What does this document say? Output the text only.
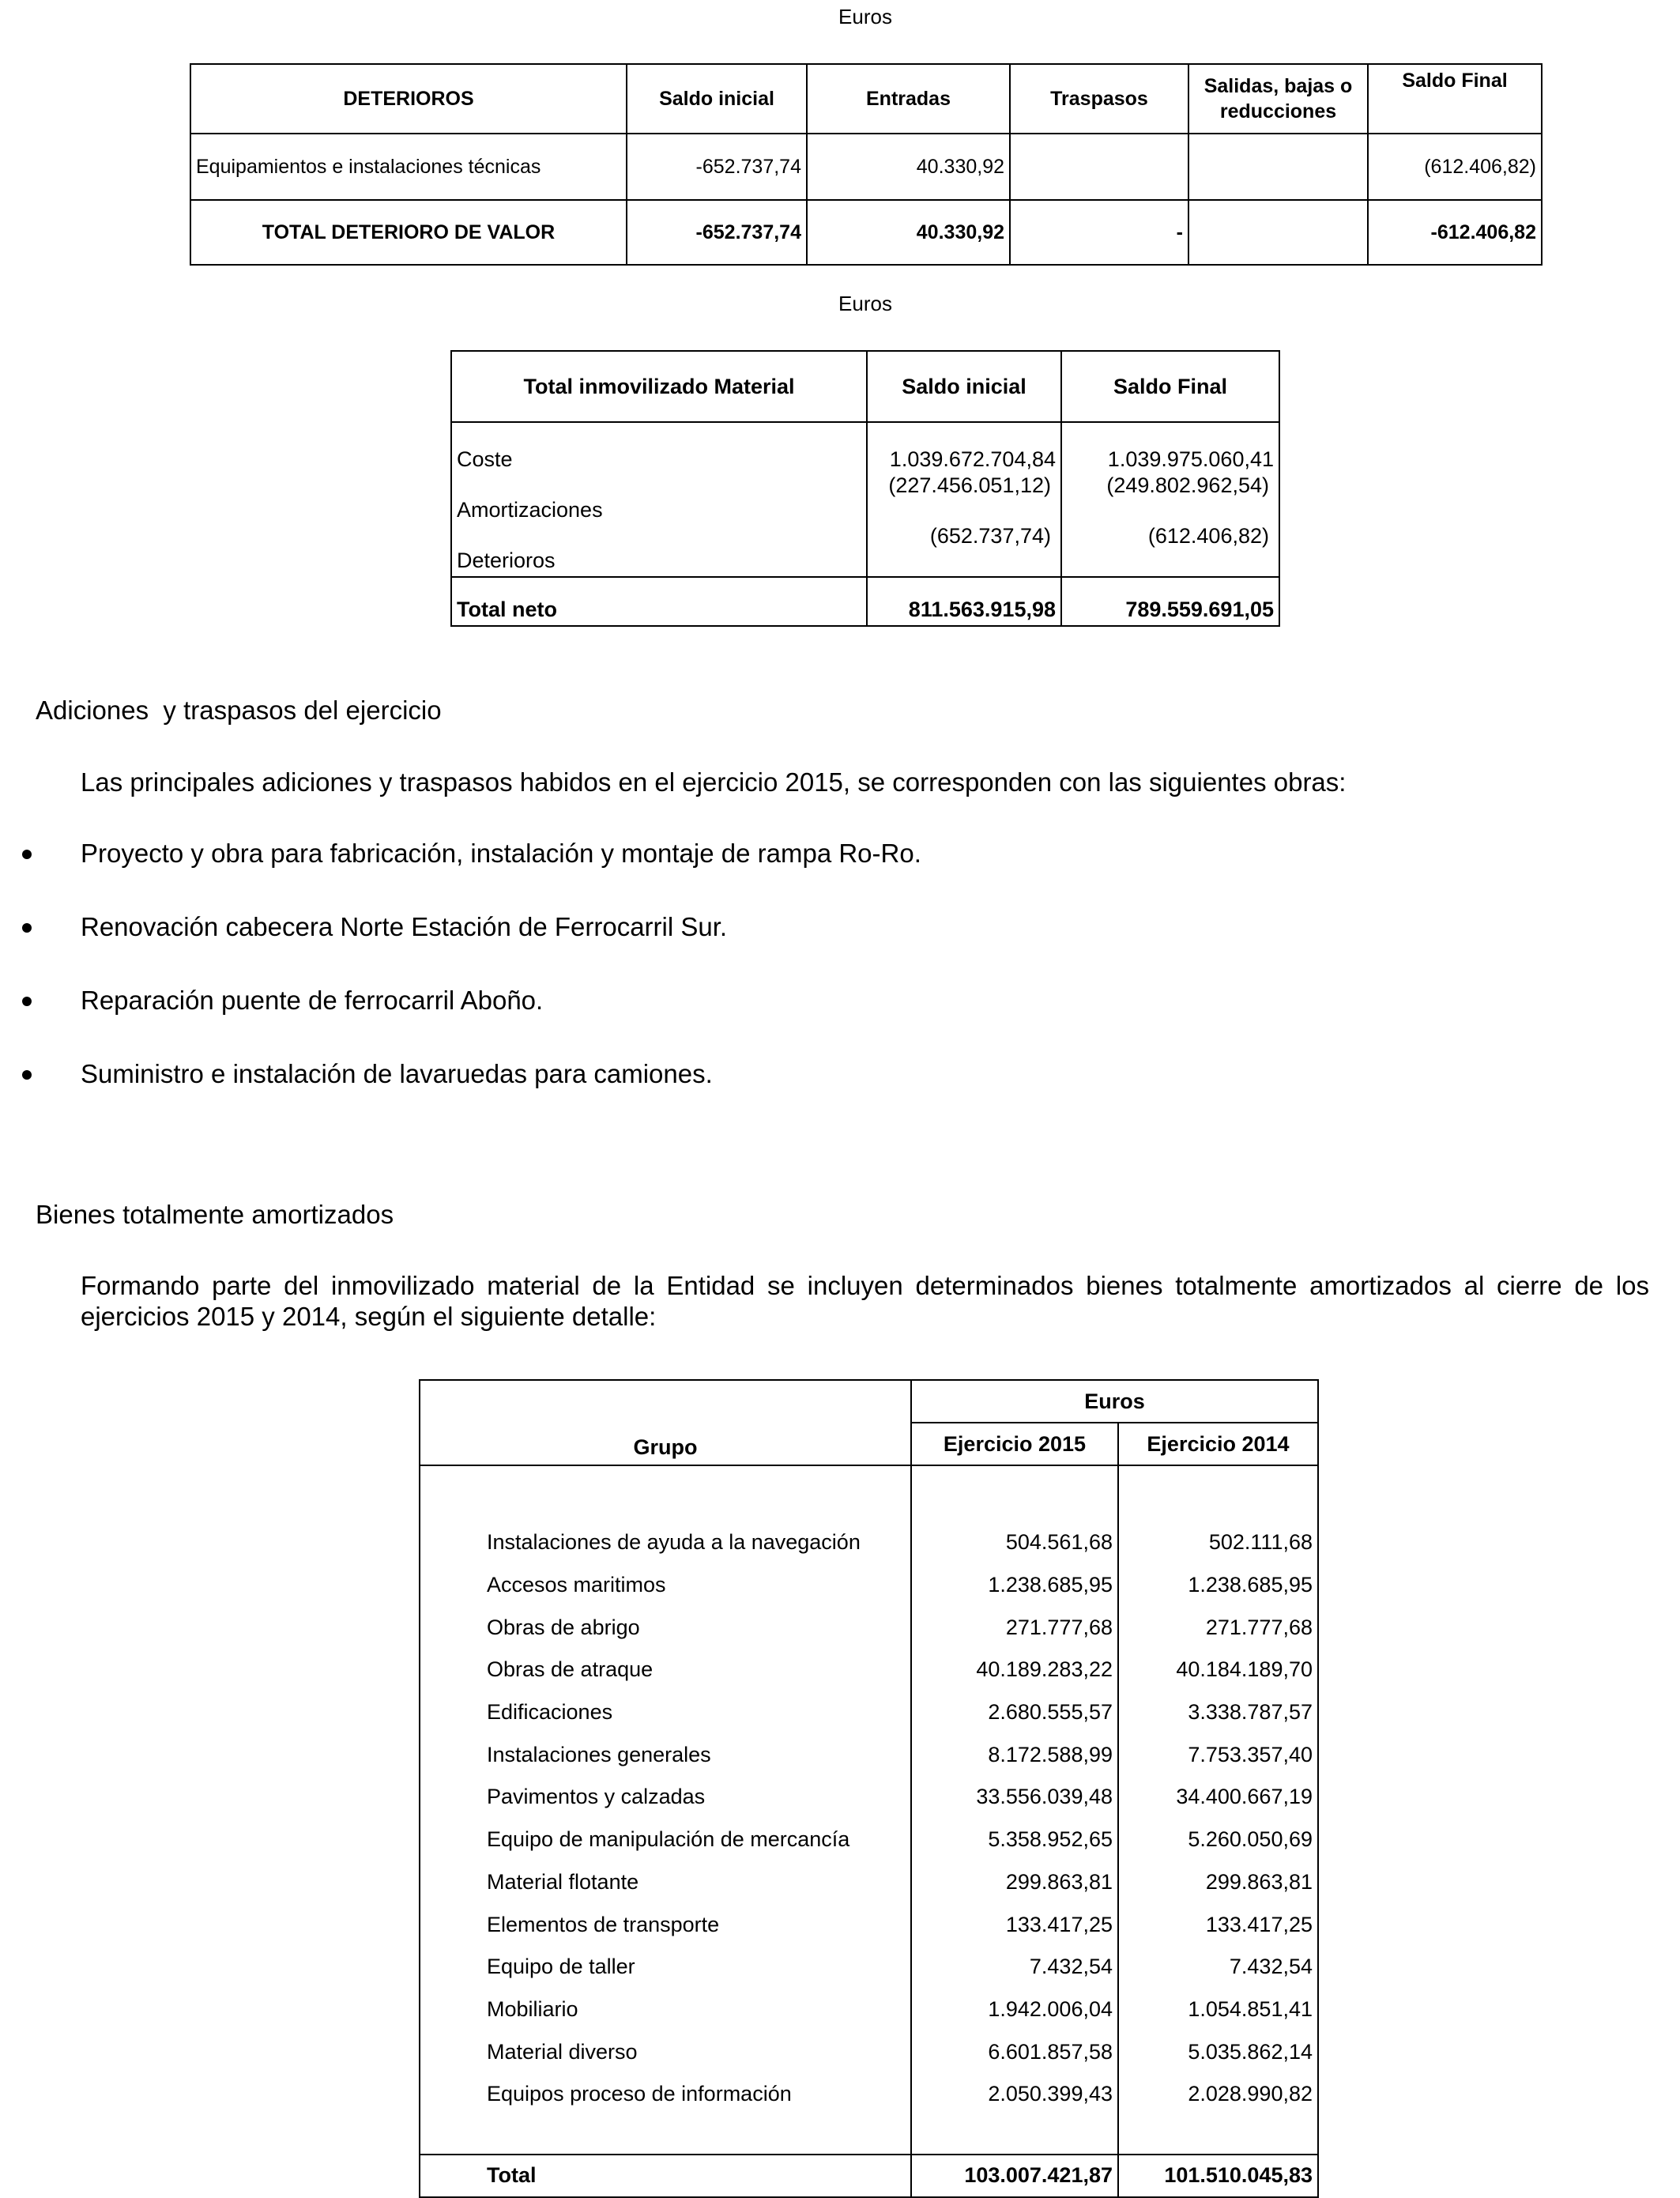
Euros
DETERIOROS	Saldo inicial	Entradas	Traspasos	Salidas, bajas o reducciones	Saldo Final
Equipamientos e instalaciones técnicas	-652.737,74	40.330,92			(612.406,82)
TOTAL DETERIORO DE VALOR	-652.737,74	40.330,92	-		-612.406,82
Euros
Total inmovilizado Material	Saldo inicial	Saldo Final
Coste	1.039.672.704,84	1.039.975.060,41
Amortizaciones	(227.456.051,12)	(249.802.962,54)
Deterioros	(652.737,74)	(612.406,82)
Total neto	811.563.915,98	789.559.691,05
Adiciones  y traspasos del ejercicio
Las principales adiciones y traspasos habidos en el ejercicio 2015, se corresponden con las siguientes obras:
Proyecto y obra para fabricación, instalación y montaje de rampa Ro-Ro.
Renovación cabecera Norte Estación de Ferrocarril Sur.
Reparación puente de ferrocarril Aboño.
Suministro e instalación de lavaruedas para camiones.
Bienes totalmente amortizados
Formando parte del inmovilizado material de la Entidad se incluyen determinados bienes totalmente amortizados al cierre de los ejercicios 2015 y 2014, según el siguiente detalle:
Grupo	Euros	
	Ejercicio 2015	Ejercicio 2014

Instalaciones de ayuda a la navegación	504.561,68	502.111,68
Accesos maritimos	1.238.685,95	1.238.685,95
Obras de abrigo	271.777,68	271.777,68
Obras de atraque	40.189.283,22	40.184.189,70
Edificaciones	2.680.555,57	3.338.787,57
Instalaciones generales	8.172.588,99	7.753.357,40
Pavimentos y calzadas	33.556.039,48	34.400.667,19
Equipo de manipulación de mercancía	5.358.952,65	5.260.050,69
Material flotante	299.863,81	299.863,81
Elementos de transporte	133.417,25	133.417,25
Equipo de taller	7.432,54	7.432,54
Mobiliario	1.942.006,04	1.054.851,41
Material diverso	6.601.857,58	5.035.862,14
Equipos proceso de información	2.050.399,43	2.028.990,82

Total	103.007.421,87	101.510.045,83
